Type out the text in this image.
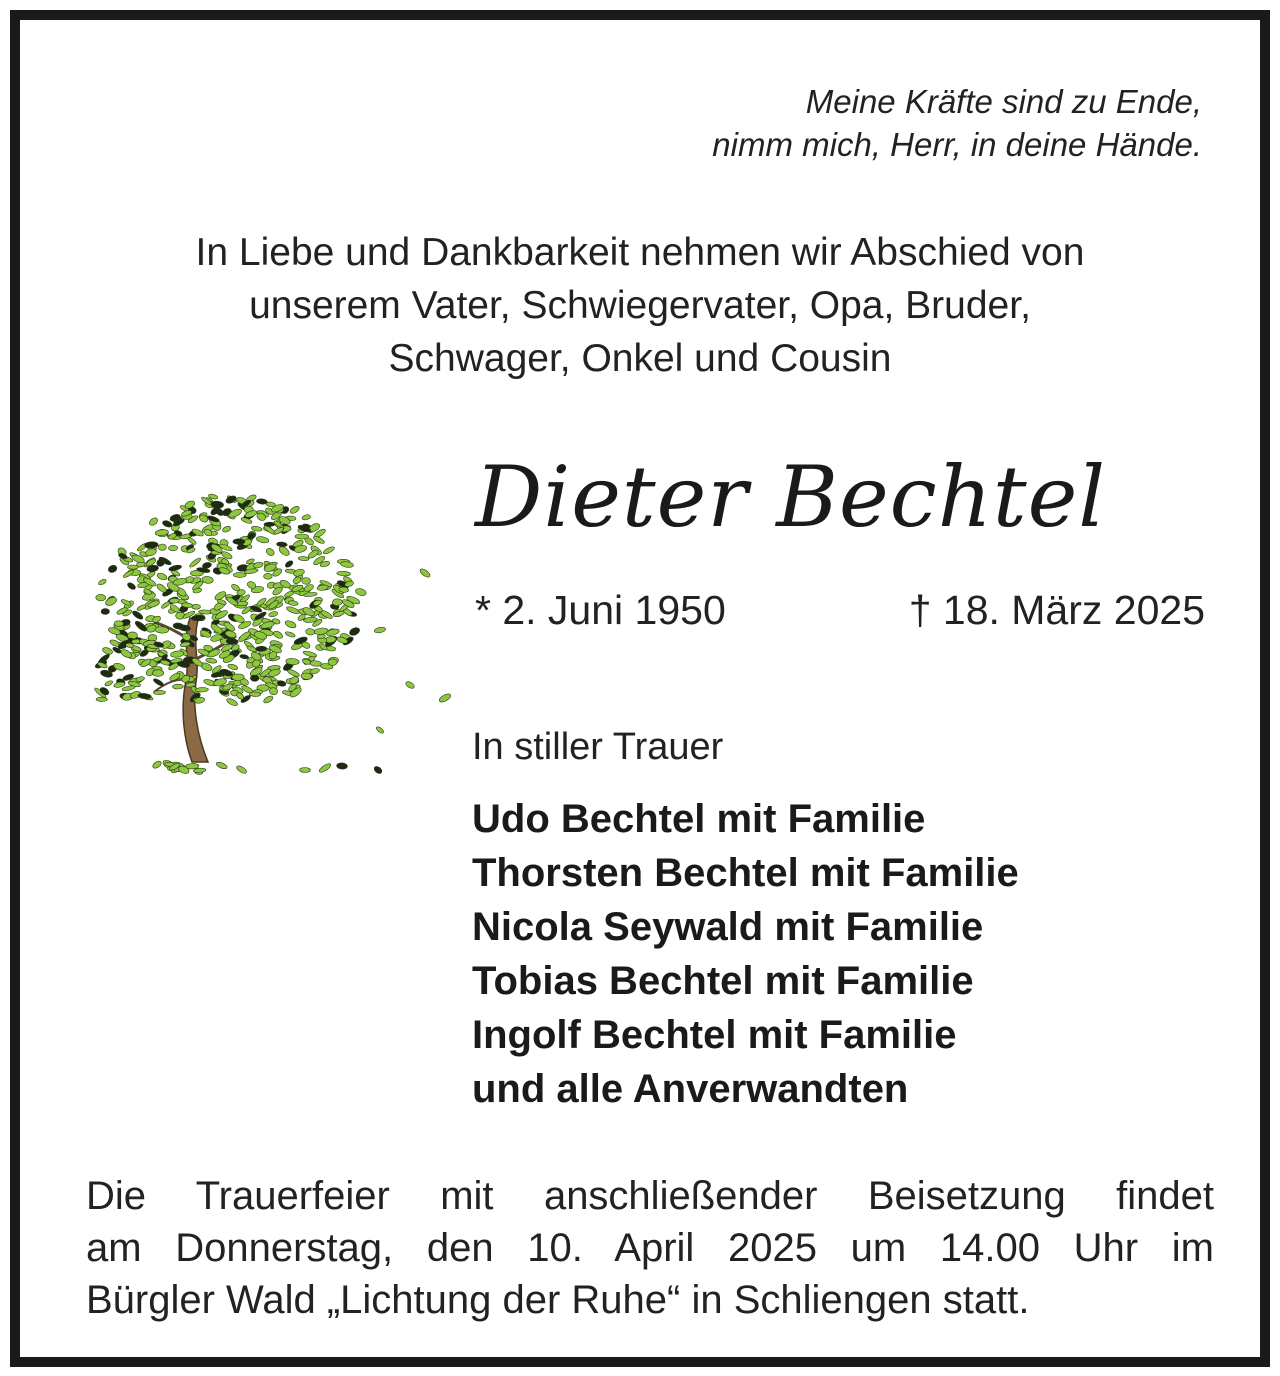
Meine Kräfte sind zu Ende,
nimm mich, Herr, in deine Hände.
In Liebe und Dankbarkeit nehmen wir Abschied von
unserem Vater, Schwiegervater, Opa, Bruder,
Schwager, Onkel und Cousin
Dieter Bechtel
* 2. Juni 1950	† 18. März 2025
In stiller Trauer
Udo Bechtel mit Familie
Thorsten Bechtel mit Familie
Nicola Seywald mit Familie
Tobias Bechtel mit Familie
Ingolf Bechtel mit Familie
und alle Anverwandten
Die Trauerfeier mit anschließender Beisetzung findet
am Donnerstag, den 10. April 2025 um 14.00 Uhr im
Bürgler Wald „Lichtung der Ruhe“ in Schliengen statt.
